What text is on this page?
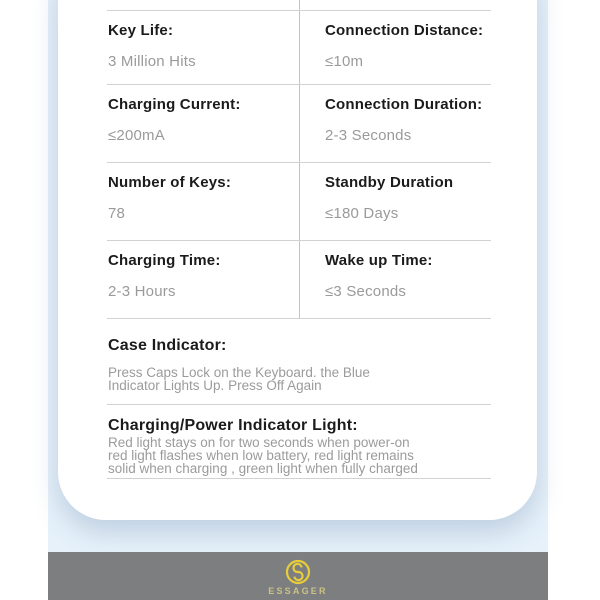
Key Life:
3 Million Hits
Connection Distance:
≤10m
Charging Current:
≤200mA
Connection Duration:
2-3 Seconds
Number of Keys:
78
Standby Duration
≤180 Days
Charging Time:
2-3 Hours
Wake up Time:
≤3 Seconds
Case Indicator:
Press Caps Lock on the Keyboard. the Blue
Indicator Lights Up. Press Off Again
Charging/Power Indicator Light:
Red light stays on for two seconds when power-on
red light flashes when low battery, red light remains
solid when charging , green light when fully charged
ESSAGER
